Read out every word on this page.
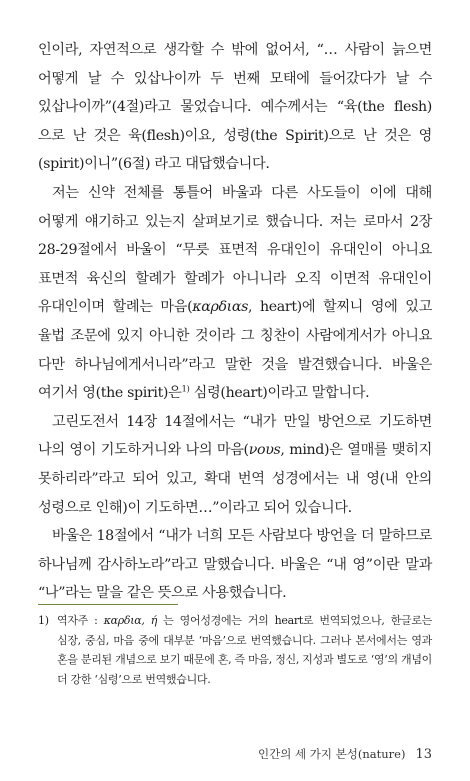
인이라, 자연적으로 생각할 수 밖에 없어서, “… 사람이 늙으면 어떻게 날 수 있삽나이까 두 번째 모태에 들어갔다가 날 수 있삽나이까”(4절)라고 물었습니다. 예수께서는 “육(the flesh)으로 난 것은 육(flesh)이요, 성령(the Spirit)으로 난 것은 영(spirit)이니”(6절) 라고 대답했습니다.

저는 신약 전체를 통틀어 바울과 다른 사도들이 이에 대해 어떻게 얘기하고 있는지 살펴보기로 했습니다. 저는 로마서 2장 28-29절에서 바울이 “무릇 표면적 유대인이 유대인이 아니요 표면적 육신의 할례가 할례가 아니니라 오직 이면적 유대인이 유대인이며 할례는 마음(καρδιαs, heart)에 할찌니 영에 있고 율법 조문에 있지 아니한 것이라 그 칭찬이 사람에게서가 아니요 다만 하나님에게서니라”라고 말한 것을 발견했습니다. 바울은 여기서 영(the spirit)은$^{1)}$ 심령(heart)이라고 말합니다.

고린도전서 14장 14절에서는 “내가 만일 방언으로 기도하면 나의 영이 기도하거니와 나의 마음(νουs, mind)은 열매를 맺히지 못하리라”라고 되어 있고, 확대 번역 성경에서는 내 영(내 안의 성령으로 인해)이 기도하면…”이라고 되어 있습니다.

바울은 18절에서 “내가 너희 모든 사람보다 방언을 더 말하므로 하나님께 감사하노라”라고 말했습니다. 바울은 “내 영”이란 말과 “나”라는 말을 같은 뜻으로 사용했습니다.

1) 역자주 : καρδια, ή 는 영어성경에는 거의 heart로 번역되었으나, 한글로는 심장, 중심, 마음 중에 대부분 ‘마음’으로 번역했습니다. 그러나 본서에서는 영과 혼을 분리된 개념으로 보기 때문에 혼, 즉 마음, 정신, 지성과 별도로 ‘영’의 개념이 더 강한 ‘심령’으로 번역했습니다.
인간의 세 가지 본성(nature) 13
